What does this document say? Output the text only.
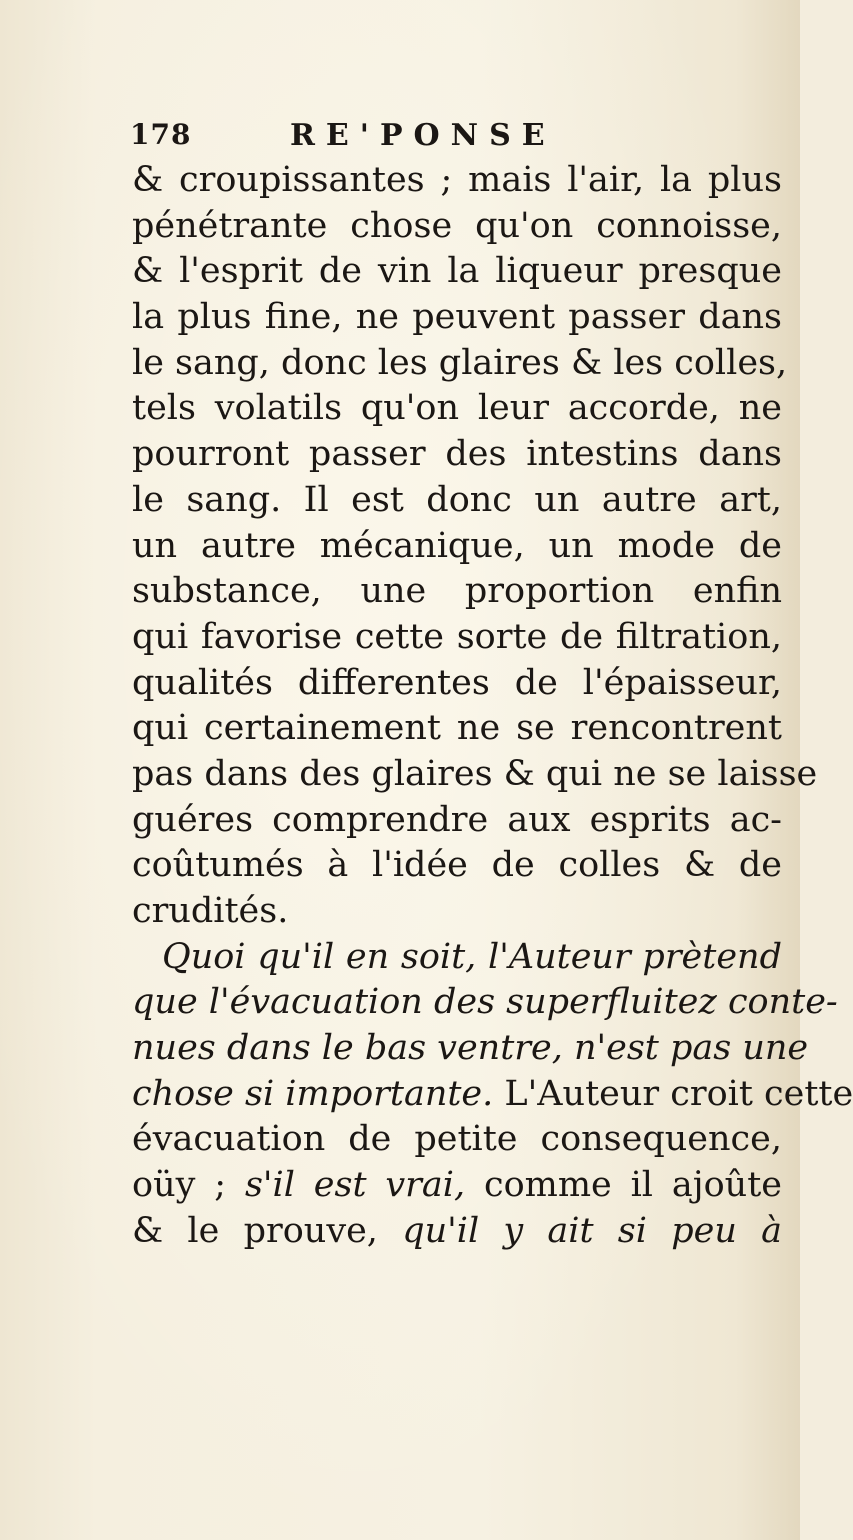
178	RE'PONSE
& croupissantes ; mais l'air, la plus
pénétrante chose qu'on connoisse,
& l'esprit de vin la liqueur presque
la plus fine, ne peuvent passer dans
le sang, donc les glaires & les colles,
tels volatils qu'on leur accorde, ne
pourront passer des intestins dans
le sang. Il est donc un autre art,
un autre mécanique, un mode de
substance, une proportion enfin
qui favorise cette sorte de filtration,
qualités differentes de l'épaisseur,
qui certainement ne se rencontrent
pas dans des glaires & qui ne se laisse
guéres comprendre aux esprits ac-
coûtumés à l'idée de colles & de
crudités.
Quoi qu'il en soit, l'Auteur prètend
que l'évacuation des superfluitez conte-
nues dans le bas ventre, n'est pas une
chose si importante. L'Auteur croit cette
évacuation de petite consequence,
oüy ; s'il est vrai, comme il ajoûte
& le prouve, qu'il y ait si peu à
